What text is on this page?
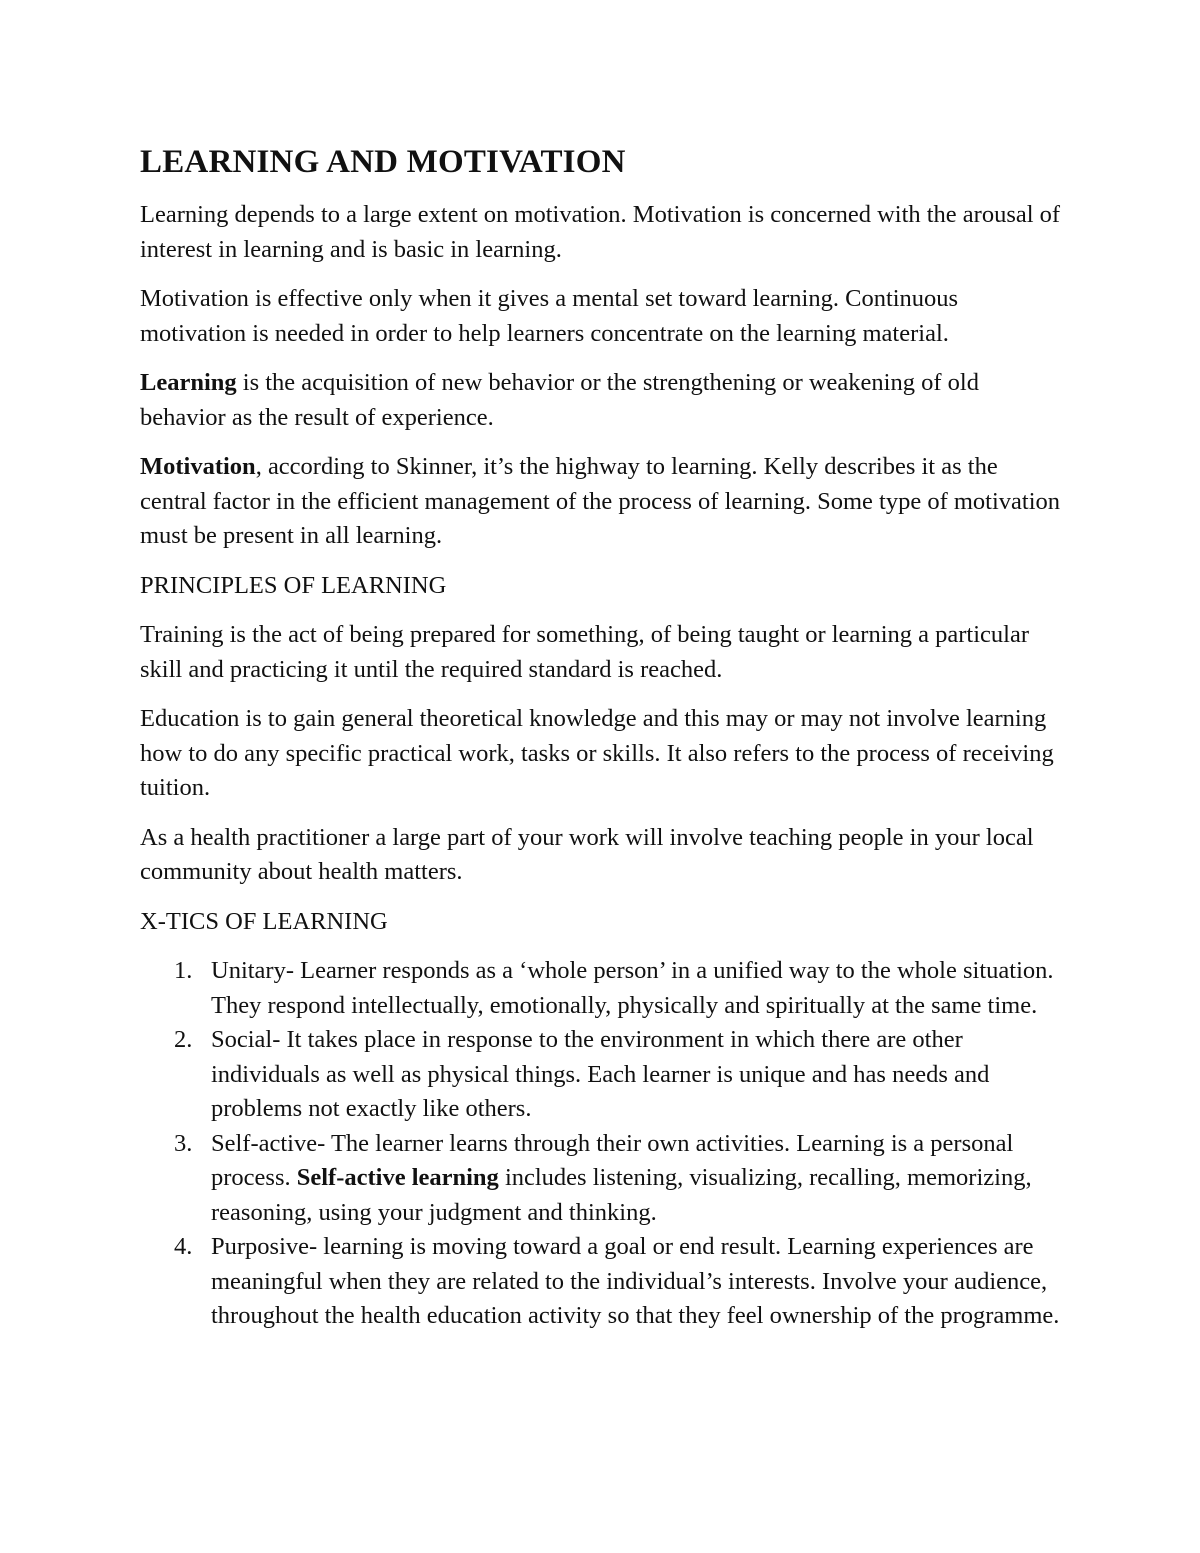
LEARNING AND MOTIVATION

Learning depends to a large extent on motivation. Motivation is concerned with the arousal of interest in learning and is basic in learning.

Motivation is effective only when it gives a mental set toward learning. Continuous motivation is needed in order to help learners concentrate on the learning material.

Learning is the acquisition of new behavior or the strengthening or weakening of old behavior as the result of experience.

Motivation, according to Skinner, it’s the highway to learning. Kelly describes it as the central factor in the efficient management of the process of learning. Some type of motivation must be present in all learning.

PRINCIPLES OF LEARNING

Training is the act of being prepared for something, of being taught or learning a particular skill and practicing it until the required standard is reached.

Education is to gain general theoretical knowledge and this may or may not involve learning how to do any specific practical work, tasks or skills. It also refers to the process of receiving tuition.

As a health practitioner a large part of your work will involve teaching people in your local community about health matters.

X-TICS OF LEARNING

1. Unitary- Learner responds as a ‘whole person’ in a unified way to the whole situation. They respond intellectually, emotionally, physically and spiritually at the same time.
2. Social- It takes place in response to the environment in which there are other individuals as well as physical things. Each learner is unique and has needs and problems not exactly like others.
3. Self-active- The learner learns through their own activities. Learning is a personal process. Self-active learning includes listening, visualizing, recalling, memorizing, reasoning, using your judgment and thinking.
4. Purposive- learning is moving toward a goal or end result. Learning experiences are meaningful when they are related to the individual’s interests. Involve your audience, throughout the health education activity so that they feel ownership of the programme.
